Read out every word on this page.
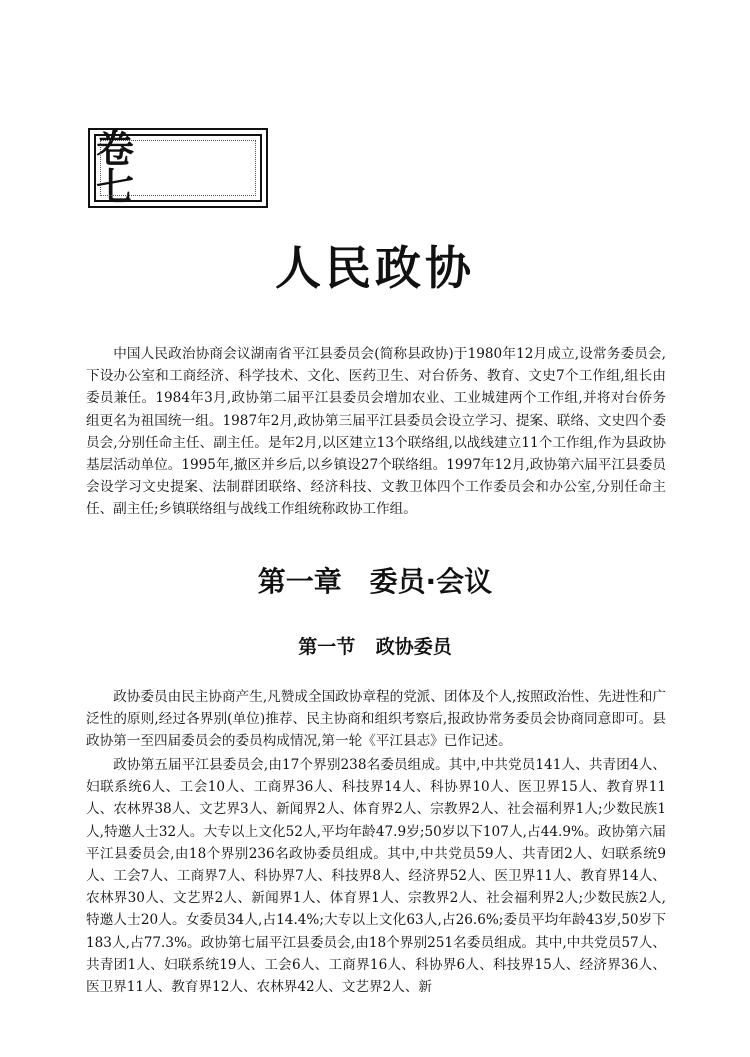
卷 七
人民政协

中国人民政治协商会议湖南省平江县委员会(简称县政协)于1980年12月成立,设常务委员会,下设办公室和工商经济、科学技术、文化、医药卫生、对台侨务、教育、文史7个工作组,组长由委员兼任。1984年3月,政协第二届平江县委员会增加农业、工业城建两个工作组,并将对台侨务组更名为祖国统一组。1987年2月,政协第三届平江县委员会设立学习、提案、联络、文史四个委员会,分别任命主任、副主任。是年2月,以区建立13个联络组,以战线建立11个工作组,作为县政协基层活动单位。1995年,撤区并乡后,以乡镇设27个联络组。1997年12月,政协第六届平江县委员会设学习文史提案、法制群团联络、经济科技、文教卫体四个工作委员会和办公室,分别任命主任、副主任;乡镇联络组与战线工作组统称政协工作组。

第一章 委员·会议
第一节 政协委员

政协委员由民主协商产生,凡赞成全国政协章程的党派、团体及个人,按照政治性、先进性和广泛性的原则,经过各界别(单位)推荐、民主协商和组织考察后,报政协常务委员会协商同意即可。县政协第一至四届委员会的委员构成情况,第一轮《平江县志》已作记述。

政协第五届平江县委员会,由17个界别238名委员组成。其中,中共党员141人、共青团4人、妇联系统6人、工会10人、工商界36人、科技界14人、科协界10人、医卫界15人、教育界11人、农林界38人、文艺界3人、新闻界2人、体育界2人、宗教界2人、社会福利界1人;少数民族1人,特邀人士32人。大专以上文化52人,平均年龄47.9岁;50岁以下107人,占44.9%。政协第六届平江县委员会,由18个界别236名政协委员组成。其中,中共党员59人、共青团2人、妇联系统9人、工会7人、工商界7人、科协界7人、科技界8人、经济界52人、医卫界11人、教育界14人、农林界30人、文艺界2人、新闻界1人、体育界1人、宗教界2人、社会福利界2人;少数民族2人,特邀人士20人。女委员34人,占14.4%;大专以上文化63人,占26.6%;委员平均年龄43岁,50岁下183人,占77.3%。政协第七届平江县委员会,由18个界别251名委员组成。其中,中共党员57人、共青团1人、妇联系统19人、工会6人、工商界16人、科协界6人、科技界15人、经济界36人、医卫界11人、教育界12人、农林界42人、文艺界2人、新
